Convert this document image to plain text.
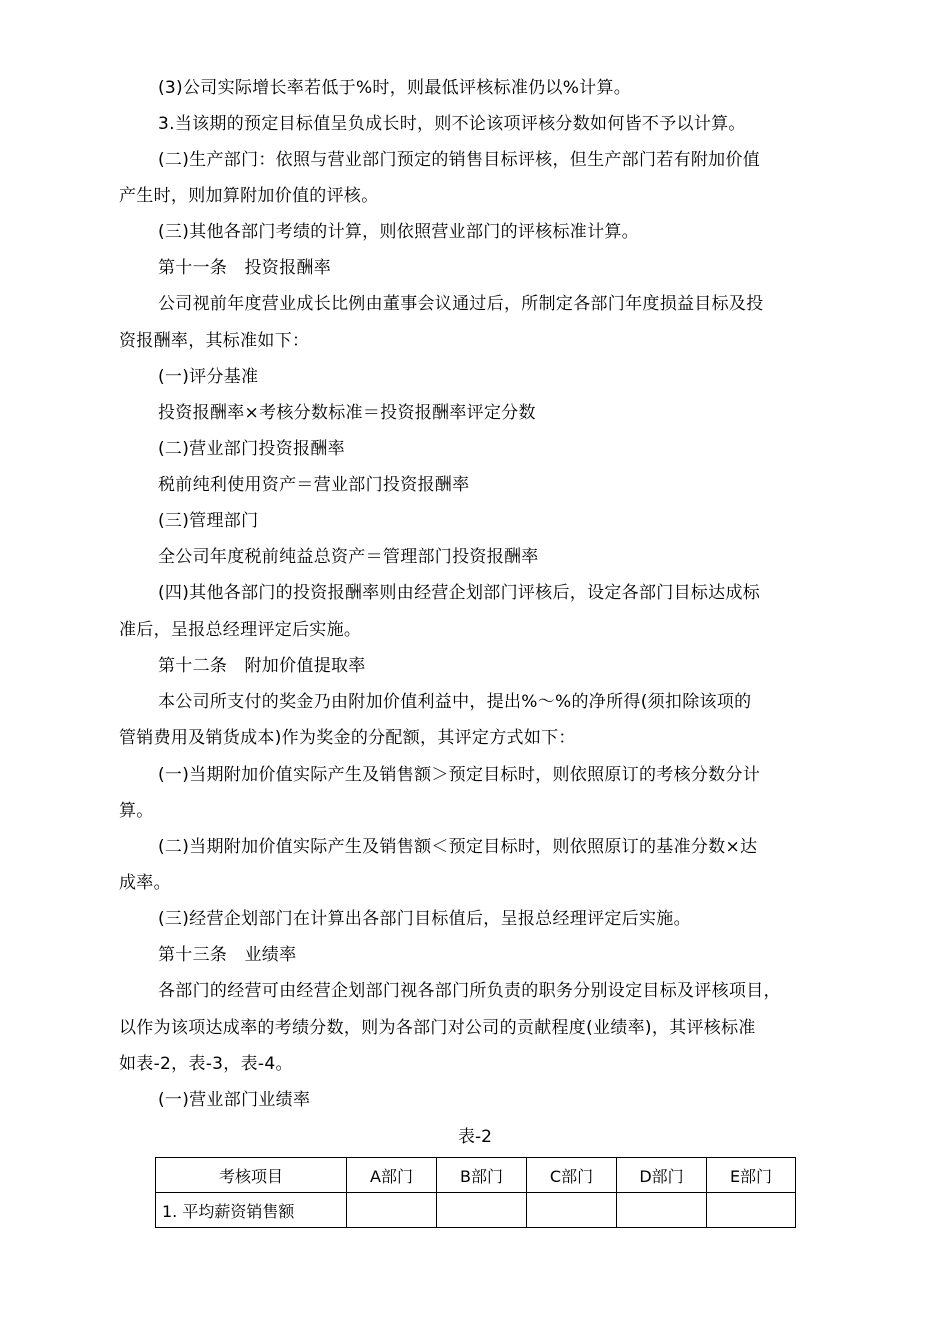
(3)公司实际增长率若低于%时，则最低评核标准仍以%计算。
3.当该期的预定目标值呈负成长时，则不论该项评核分数如何皆不予以计算。
(二)生产部门：依照与营业部门预定的销售目标评核，但生产部门若有附加价值
产生时，则加算附加价值的评核。
(三)其他各部门考绩的计算，则依照营业部门的评核标准计算。
第十一条　投资报酬率
公司视前年度营业成长比例由董事会议通过后，所制定各部门年度损益目标及投
资报酬率，其标准如下：
(一)评分基准
投资报酬率×考核分数标准＝投资报酬率评定分数
(二)营业部门投资报酬率
税前纯利使用资产＝营业部门投资报酬率
(三)管理部门
全公司年度税前纯益总资产＝管理部门投资报酬率
(四)其他各部门的投资报酬率则由经营企划部门评核后，设定各部门目标达成标
准后，呈报总经理评定后实施。
第十二条　附加价值提取率
本公司所支付的奖金乃由附加价值利益中，提出%～%的净所得(须扣除该项的
管销费用及销货成本)作为奖金的分配额，其评定方式如下：
(一)当期附加价值实际产生及销售额＞预定目标时，则依照原订的考核分数分计
算。
(二)当期附加价值实际产生及销售额＜预定目标时，则依照原订的基准分数×达
成率。
(三)经营企划部门在计算出各部门目标值后，呈报总经理评定后实施。
第十三条　业绩率
各部门的经营可由经营企划部门视各部门所负责的职务分别设定目标及评核项目，
以作为该项达成率的考绩分数，则为各部门对公司的贡献程度(业绩率)，其评核标准
如表-2，表-3，表-4。
(一)营业部门业绩率
表-2
考核项目	A部门	B部门	C部门	D部门	E部门
1. 平均薪资销售额					
